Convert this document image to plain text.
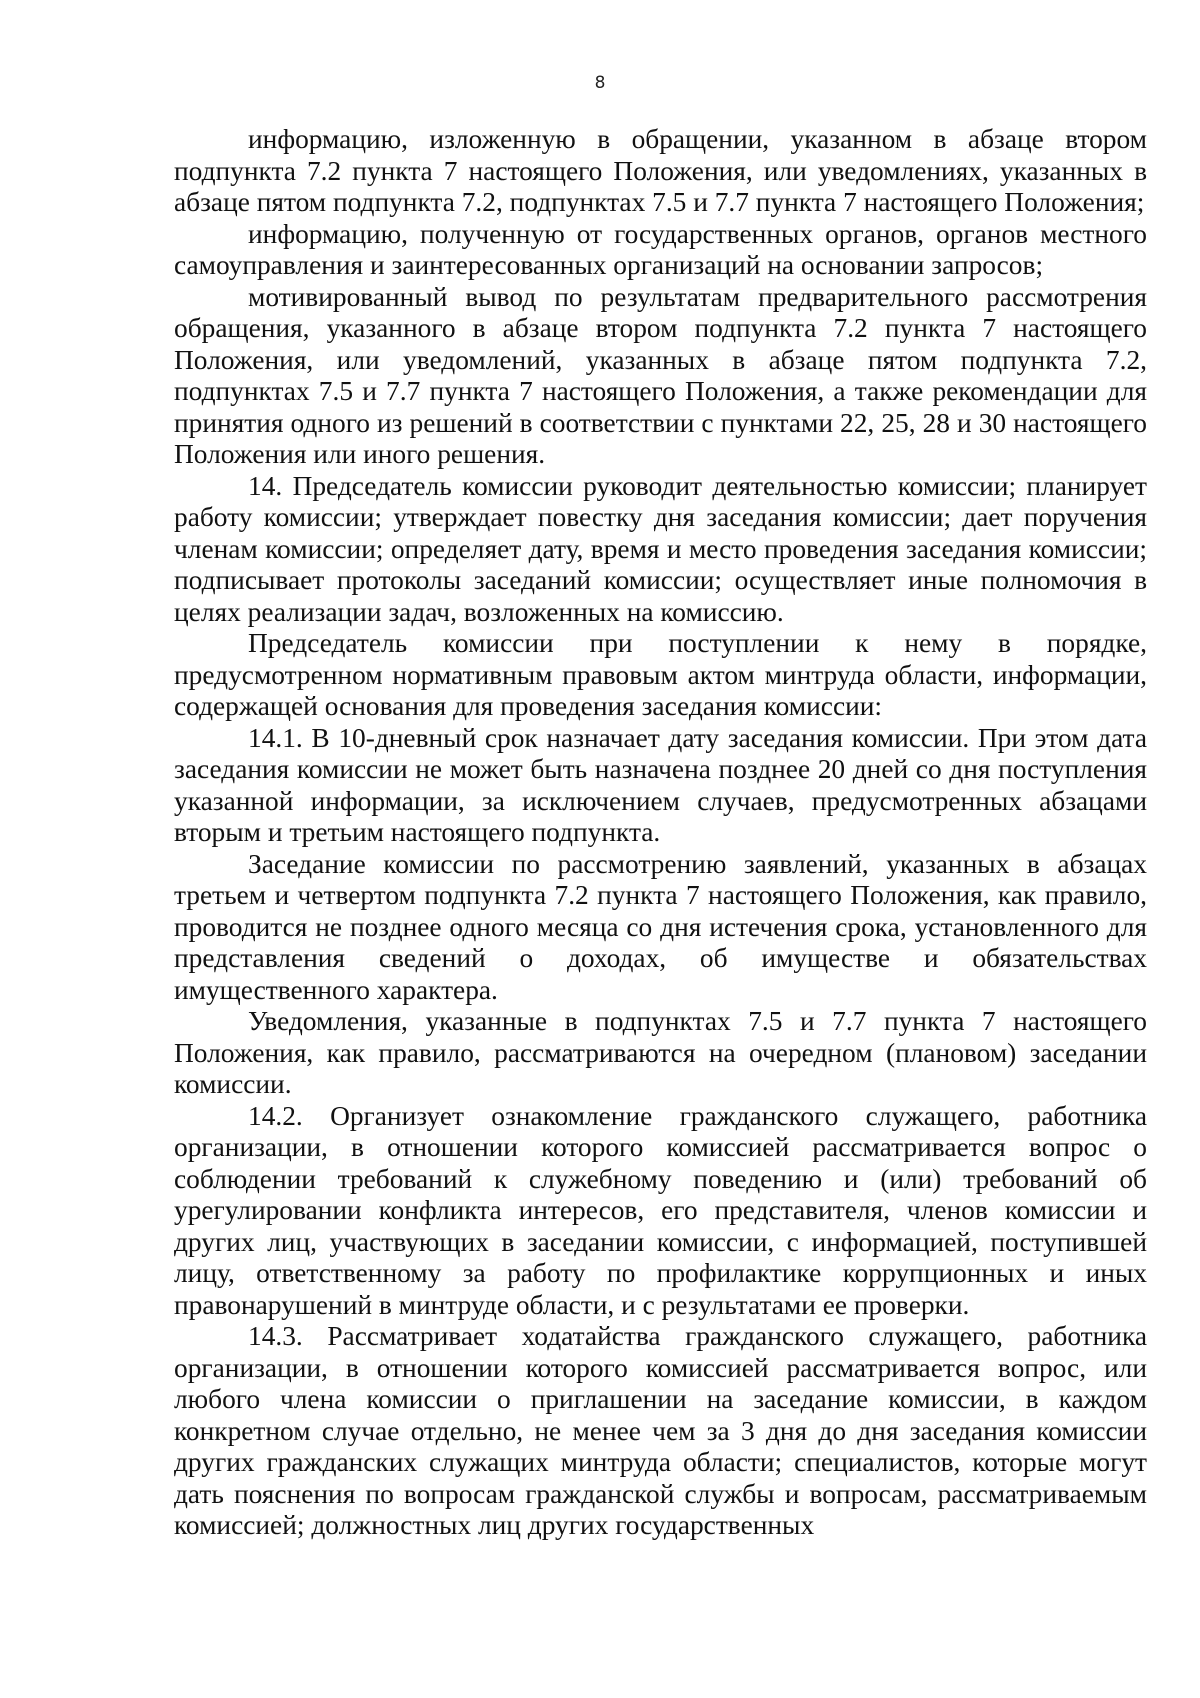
8

информацию, изложенную в обращении, указанном в абзаце втором подпункта 7.2 пункта 7 настоящего Положения, или уведомлениях, указанных в абзаце пятом подпункта 7.2, подпунктах 7.5 и 7.7 пункта 7 настоящего Положения;

информацию, полученную от государственных органов, органов местного самоуправления и заинтересованных организаций на основании запросов;

мотивированный вывод по результатам предварительного рассмотрения обращения, указанного в абзаце втором подпункта 7.2 пункта 7 настоящего Положения, или уведомлений, указанных в абзаце пятом подпункта 7.2, подпунктах 7.5 и 7.7 пункта 7 настоящего Положения, а также рекомендации для принятия одного из решений в соответствии с пунктами 22, 25, 28 и 30 настоящего Положения или иного решения.

14. Председатель комиссии руководит деятельностью комиссии; планирует работу комиссии; утверждает повестку дня заседания комиссии; дает поручения членам комиссии; определяет дату, время и место проведения заседания комиссии; подписывает протоколы заседаний комиссии; осуществляет иные полномочия в целях реализации задач, возложенных на комиссию.

Председатель комиссии при поступлении к нему в порядке, предусмотренном нормативным правовым актом минтруда области, информации, содержащей основания для проведения заседания комиссии:

14.1. В 10-дневный срок назначает дату заседания комиссии. При этом дата заседания комиссии не может быть назначена позднее 20 дней со дня поступления указанной информации, за исключением случаев, предусмотренных абзацами вторым и третьим настоящего подпункта.

Заседание комиссии по рассмотрению заявлений, указанных в абзацах третьем и четвертом подпункта 7.2 пункта 7 настоящего Положения, как правило, проводится не позднее одного месяца со дня истечения срока, установленного для представления сведений о доходах, об имуществе и обязательствах имущественного характера.

Уведомления, указанные в подпунктах 7.5 и 7.7 пункта 7 настоящего Положения, как правило, рассматриваются на очередном (плановом) заседании комиссии.

14.2. Организует ознакомление гражданского служащего, работника организации, в отношении которого комиссией рассматривается вопрос о соблюдении требований к служебному поведению и (или) требований об урегулировании конфликта интересов, его представителя, членов комиссии и других лиц, участвующих в заседании комиссии, с информацией, поступившей лицу, ответственному за работу по профилактике коррупционных и иных правонарушений в минтруде области, и с результатами ее проверки.

14.3. Рассматривает ходатайства гражданского служащего, работника организации, в отношении которого комиссией рассматривается вопрос, или любого члена комиссии о приглашении на заседание комиссии, в каждом конкретном случае отдельно, не менее чем за 3 дня до дня заседания комиссии других гражданских служащих минтруда области; специалистов, которые могут дать пояснения по вопросам гражданской службы и вопросам, рассматриваемым комиссией; должностных лиц других государственных
